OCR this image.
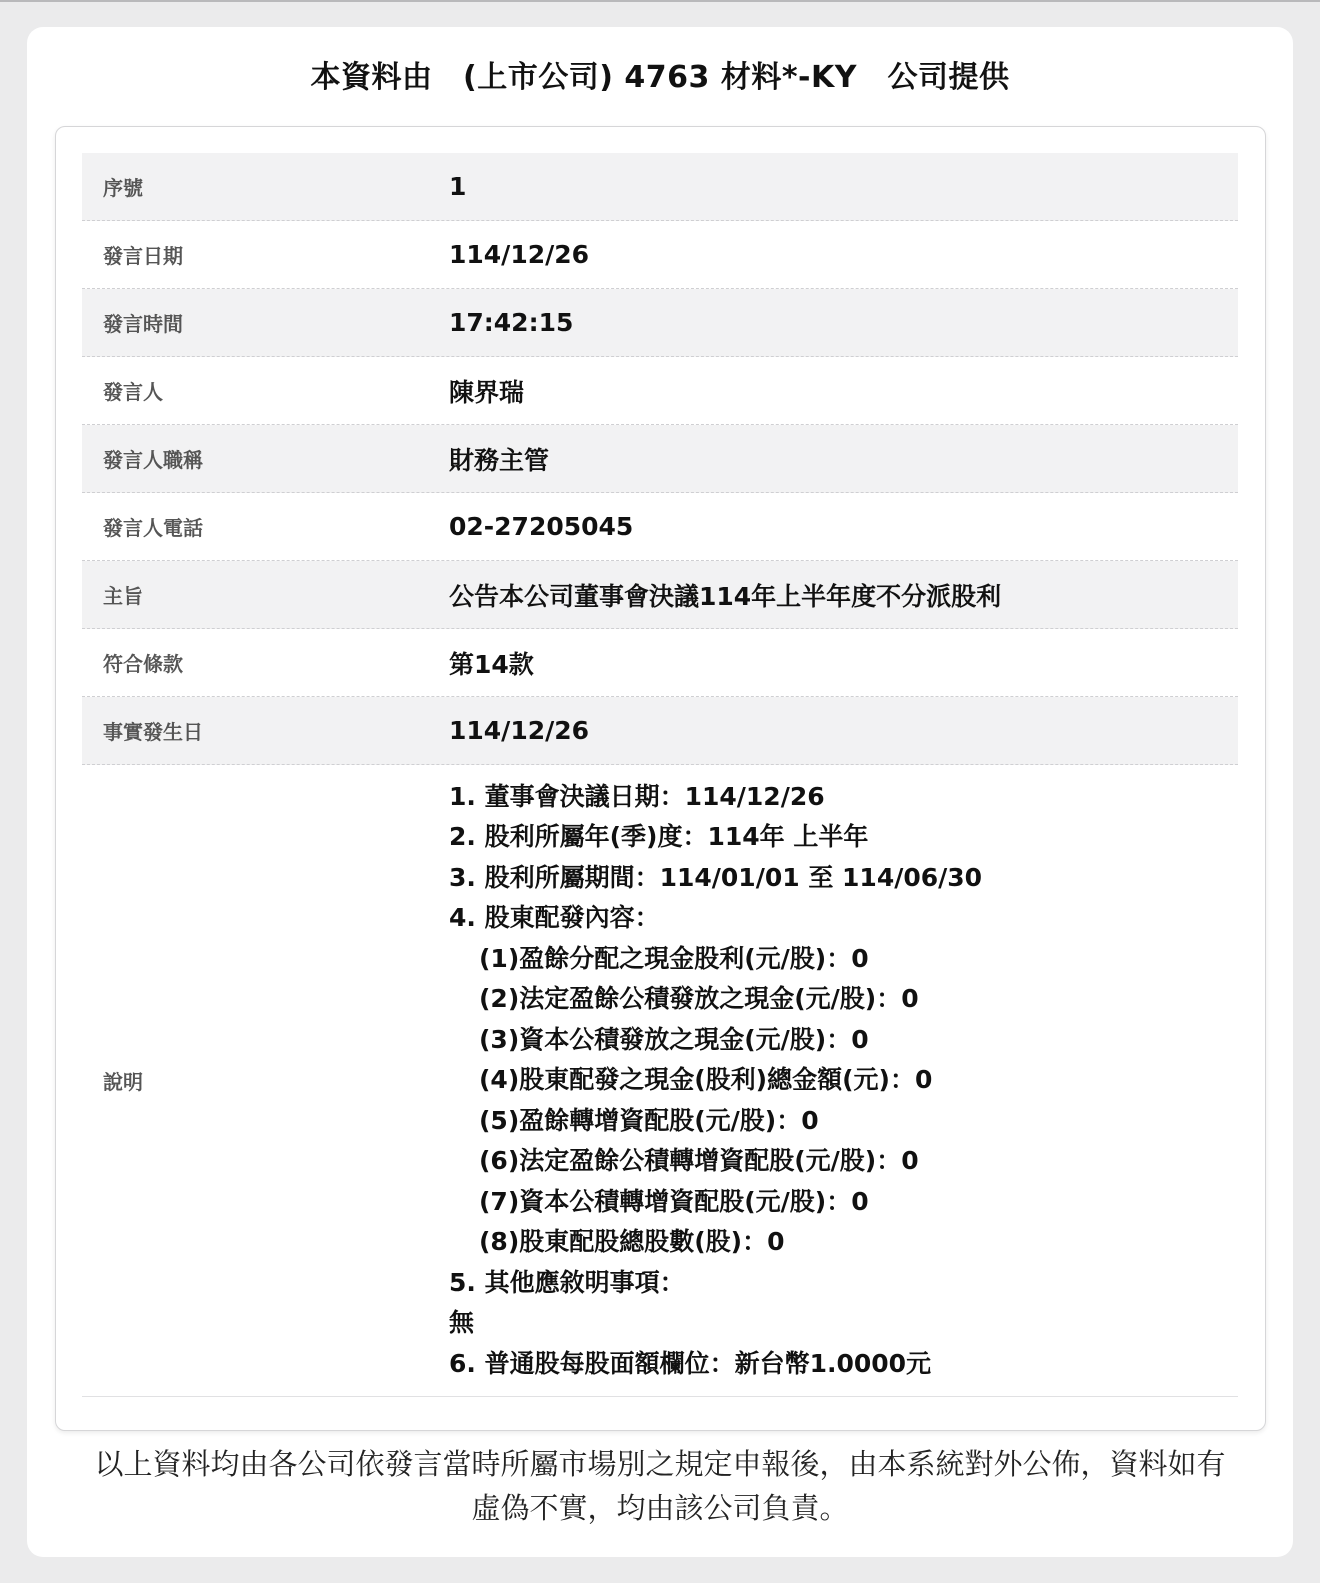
本資料由　(上市公司) 4763 材料*-KY　公司提供
序號	1
發言日期	114/12/26
發言時間	17:42:15
發言人	陳界瑞
發言人職稱	財務主管
發言人電話	02-27205045
主旨	公告本公司董事會決議114年上半年度不分派股利
符合條款	第14款
事實發生日	114/12/26
說明
1. 董事會決議日期：114/12/26
2. 股利所屬年(季)度：114年 上半年
3. 股利所屬期間：114/01/01 至 114/06/30
4. 股東配發內容：
(1)盈餘分配之現金股利(元/股)：0
(2)法定盈餘公積發放之現金(元/股)：0
(3)資本公積發放之現金(元/股)：0
(4)股東配發之現金(股利)總金額(元)：0
(5)盈餘轉增資配股(元/股)：0
(6)法定盈餘公積轉增資配股(元/股)：0
(7)資本公積轉增資配股(元/股)：0
(8)股東配股總股數(股)：0
5. 其他應敘明事項：
無
6. 普通股每股面額欄位：新台幣1.0000元
以上資料均由各公司依發言當時所屬市場別之規定申報後，由本系統對外公佈，資料如有
虛偽不實，均由該公司負責。
